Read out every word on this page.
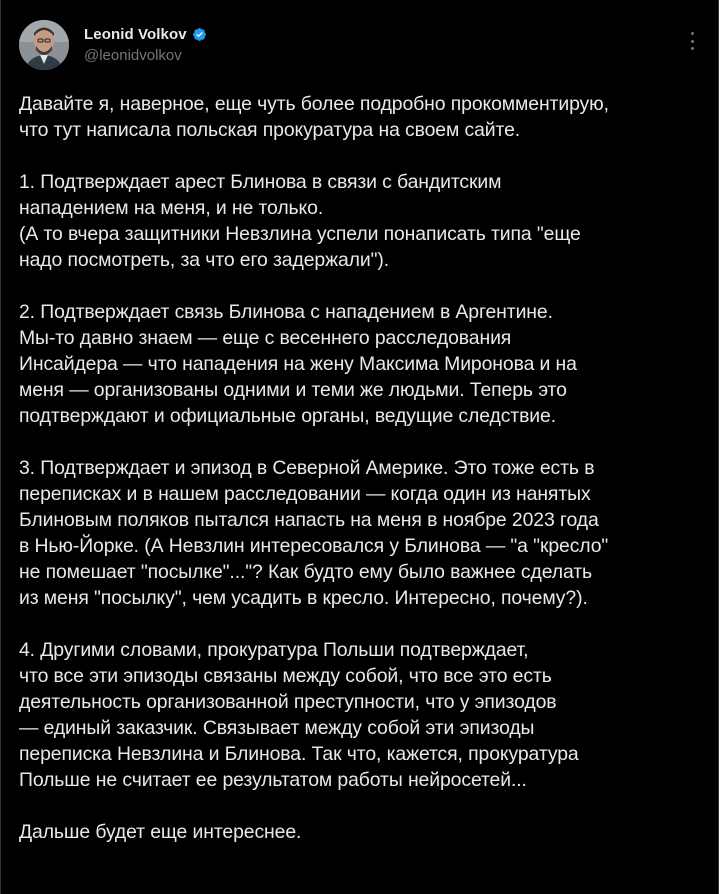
Leonid Volkov
@leonidvolkov
Давайте я, наверное, еще чуть более подробно прокомментирую,
что тут написала польская прокуратура на своем сайте.
1. Подтверждает арест Блинова в связи с бандитским
нападением на меня, и не только.
(А то вчера защитники Невзлина успели понаписать типа "еще
надо посмотреть, за что его задержали").
2. Подтверждает связь Блинова с нападением в Аргентине.
Мы-то давно знаем — еще с весеннего расследования
Инсайдера — что нападения на жену Максима Миронова и на
меня — организованы одними и теми же людьми. Теперь это
подтверждают и официальные органы, ведущие следствие.
3. Подтверждает и эпизод в Северной Америке. Это тоже есть в
переписках и в нашем расследовании — когда один из нанятых
Блиновым поляков пытался напасть на меня в ноябре 2023 года
в Нью-Йорке. (А Невзлин интересовался у Блинова — "а "кресло"
не помешает "посылке"..."? Как будто ему было важнее сделать
из меня "посылку", чем усадить в кресло. Интересно, почему?).
4. Другими словами, прокуратура Польши подтверждает,
что все эти эпизоды связаны между собой, что все это есть
деятельность организованной преступности, что у эпизодов
— единый заказчик. Связывает между собой эти эпизоды
переписка Невзлина и Блинова. Так что, кажется, прокуратура
Польше не считает ее результатом работы нейросетей...
Дальше будет еще интереснее.
